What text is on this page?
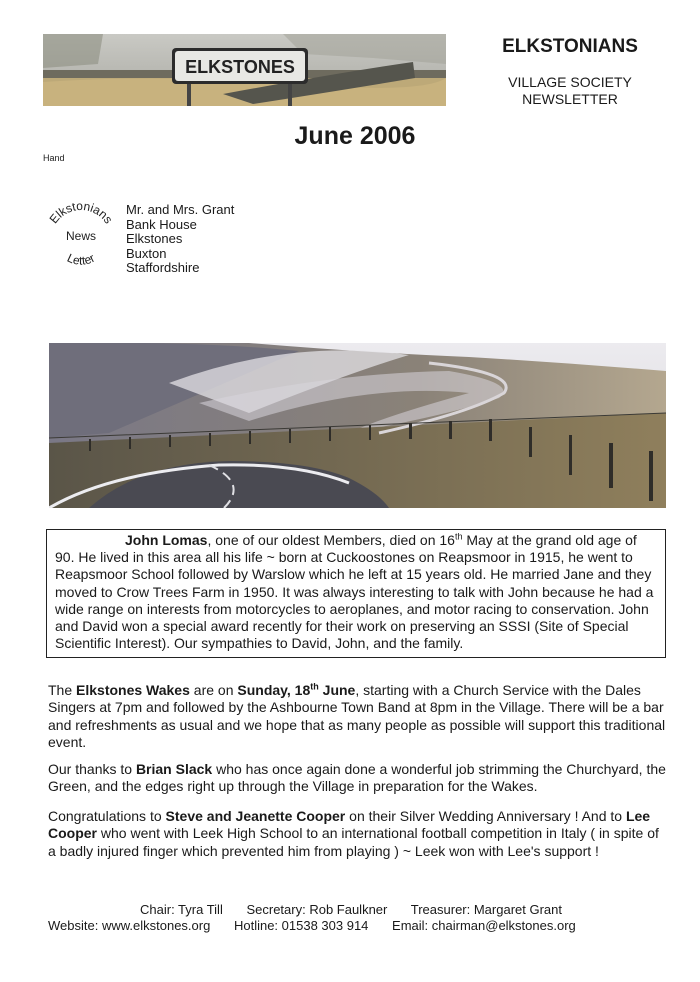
ELKSTONES
ELKSTONIANS
VILLAGE SOCIETY
NEWSLETTER
June 2006
Hand
Elkstonians
News
Letter
Mr. and Mrs. Grant
Bank House
Elkstones
Buxton
Staffordshire

     John Lomas, one of our oldest Members, died on 16th May at the grand old age of 90. He lived in this area all his life ~ born at Cuckoostones on Reapsmoor in 1915, he went to Reapsmoor School followed by Warslow which he left at 15 years old. He married Jane and they moved to Crow Trees Farm in 1950. It was always interesting to talk with John because he had a wide range on interests from motorcycles to aeroplanes, and motor racing to conservation. John and David won a special award recently for their work on preserving an SSSI (Site of Special Scientific Interest). Our sympathies to David, John, and the family.

The Elkstones Wakes are on Sunday, 18th June, starting with a Church Service with the Dales Singers at 7pm and followed by the Ashbourne Town Band at 8pm in the Village. There will be a bar and refreshments as usual and we hope that as many people as possible will support this traditional event.

Our thanks to Brian Slack who has once again done a wonderful job strimming the Churchyard, the Green, and the edges right up through the Village in preparation for the Wakes.

Congratulations to Steve and Jeanette Cooper on their Silver Wedding Anniversary ! And to Lee Cooper who went with Leek High School to an international football competition in Italy ( in spite of a badly injured finger which prevented him from playing ) ~ Leek won with Lee's support !

Chair: Tyra Till Secretary: Rob Faulkner Treasurer: Margaret Grant
Website: www.elkstones.org Hotline: 01538 303 914 Email: chairman@elkstones.org
